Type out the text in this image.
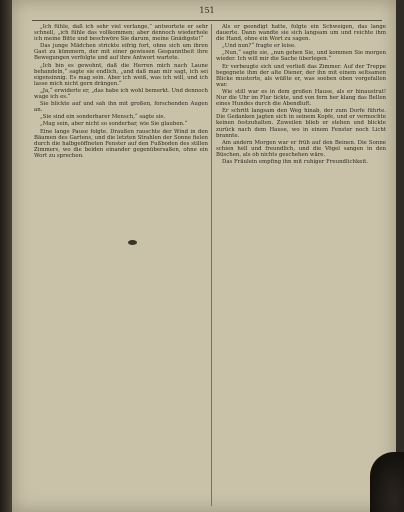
151

„Ich fühle, daß ich sehr viel verlange,“ antwortete er sehr schnell, „ich fühle das vollkommen; aber dennoch wiederhole ich meine Bitte und beschwöre Sie darum, meine Gnädigste!“

Das junge Mädchen strickte eifrig fort, ohne sich um ihren Gast zu kümmern, der mit einer gewissen Gespanntheit ihre Bewegungen verfolgte und auf ihre Antwort wartete.

„Ich bin es gewohnt, daß die Herren mich nach Laune behandeln,“ sagte sie endlich, „und daß man mir sagt, ich sei eigensinnig. Es mag sein. Aber ich weiß, was ich will, und ich lasse mich nicht gern drängen.“

„Ja,“ erwiderte er, „das habe ich wohl bemerkt. Und dennoch wage ich es.“

Sie blickte auf und sah ihn mit großen, forschenden Augen an.

„Sie sind ein sonderbarer Mensch,“ sagte sie.

„Mag sein, aber nicht so sonderbar, wie Sie glauben.“

Eine lange Pause folgte. Draußen rauschte der Wind in den Bäumen des Gartens, und die letzten Strahlen der Sonne fielen durch die halbgeöffneten Fenster auf den Fußboden des stillen Zimmers, wo die beiden einander gegenübersaßen, ohne ein Wort zu sprechen.

Als er geendigt hatte, folgte ein Schweigen, das lange dauerte. Dann wandte sie sich langsam um und reichte ihm die Hand, ohne ein Wort zu sagen.

„Und nun?“ fragte er leise.

„Nun,“ sagte sie, „nun gehen Sie, und kommen Sie morgen wieder. Ich will mir die Sache überlegen.“

Er verbeugte sich und verließ das Zimmer. Auf der Treppe begegnete ihm der alte Diener, der ihn mit einem seltsamen Blicke musterte, als wüßte er, was soeben oben vorgefallen war.

Wie still war es in dem großen Hause, als er hinaustrat! Nur die Uhr im Flur tickte, und von fern her klang das Bellen eines Hundes durch die Abendluft.

Er schritt langsam den Weg hinab, der zum Dorfe führte. Die Gedanken jagten sich in seinem Kopfe, und er vermochte keinen festzuhalten. Zuweilen blieb er stehen und blickte zurück nach dem Hause, wo in einem Fenster noch Licht brannte.

Am andern Morgen war er früh auf den Beinen. Die Sonne schien hell und freundlich, und die Vögel sangen in den Büschen, als ob nichts geschehen wäre.

Das Fräulein empfing ihn mit ruhiger Freundlichkeit.
